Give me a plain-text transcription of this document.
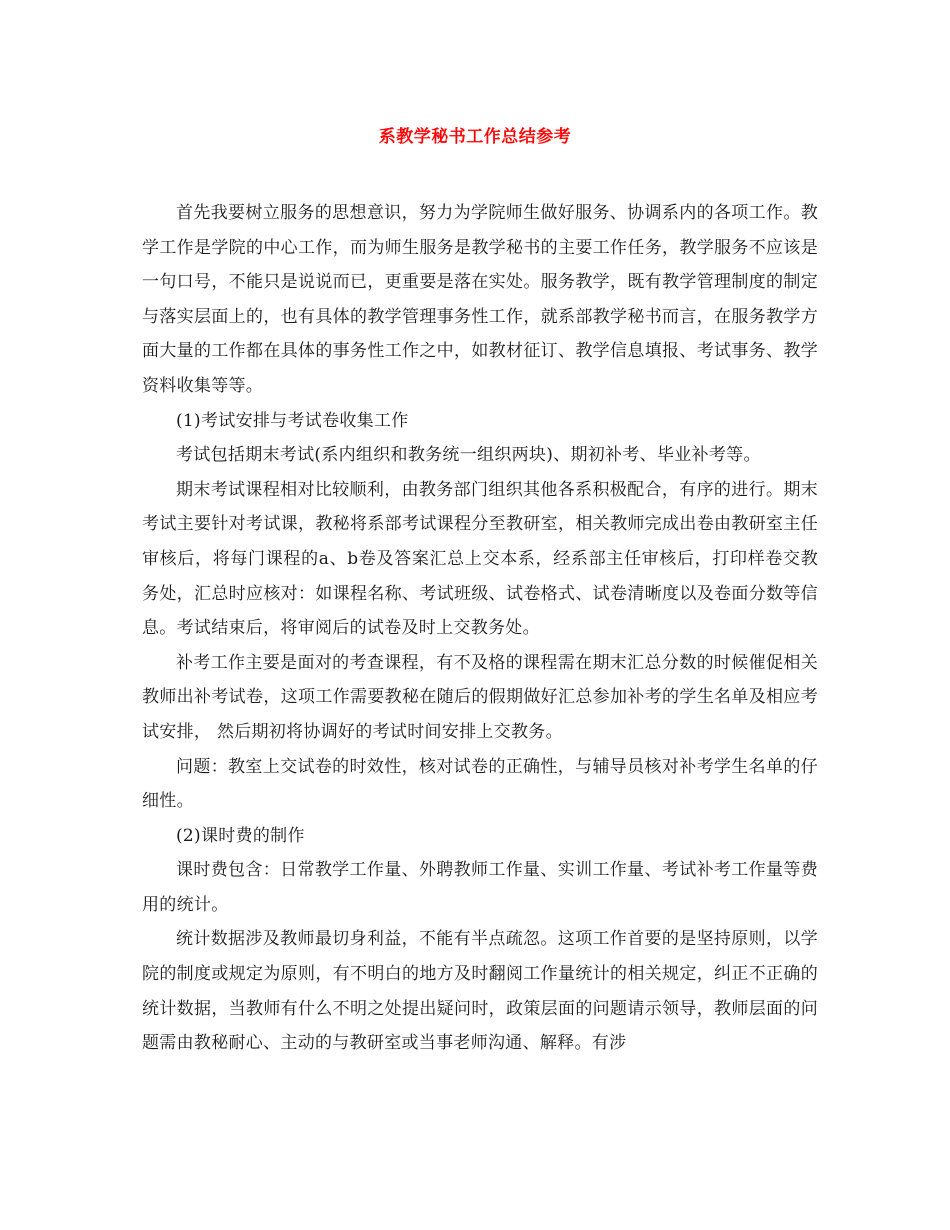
系教学秘书工作总结参考

首先我要树立服务的思想意识，努力为学院师生做好服务、协调系内的各项工作。教学工作是学院的中心工作，而为师生服务是教学秘书的主要工作任务，教学服务不应该是一句口号，不能只是说说而已，更重要是落在实处。服务教学，既有教学管理制度的制定与落实层面上的，也有具体的教学管理事务性工作，就系部教学秘书而言，在服务教学方面大量的工作都在具体的事务性工作之中，如教材征订、教学信息填报、考试事务、教学资料收集等等。

(1)考试安排与考试卷收集工作

考试包括期末考试(系内组织和教务统一组织两块)、期初补考、毕业补考等。

期末考试课程相对比较顺利，由教务部门组织其他各系积极配合，有序的进行。期末考试主要针对考试课，教秘将系部考试课程分至教研室，相关教师完成出卷由教研室主任审核后，将每门课程的a、b卷及答案汇总上交本系，经系部主任审核后，打印样卷交教务处，汇总时应核对：如课程名称、考试班级、试卷格式、试卷清晰度以及卷面分数等信息。考试结束后，将审阅后的试卷及时上交教务处。

补考工作主要是面对的考查课程，有不及格的课程需在期末汇总分数的时候催促相关教师出补考试卷，这项工作需要教秘在随后的假期做好汇总参加补考的学生名单及相应考试安排， 然后期初将协调好的考试时间安排上交教务。

问题：教室上交试卷的时效性，核对试卷的正确性，与辅导员核对补考学生名单的仔细性。

(2)课时费的制作

课时费包含：日常教学工作量、外聘教师工作量、实训工作量、考试补考工作量等费用的统计。

统计数据涉及教师最切身利益，不能有半点疏忽。这项工作首要的是坚持原则，以学院的制度或规定为原则，有不明白的地方及时翻阅工作量统计的相关规定，纠正不正确的统计数据，当教师有什么不明之处提出疑问时，政策层面的问题请示领导，教师层面的问题需由教秘耐心、主动的与教研室或当事老师沟通、解释。有涉
